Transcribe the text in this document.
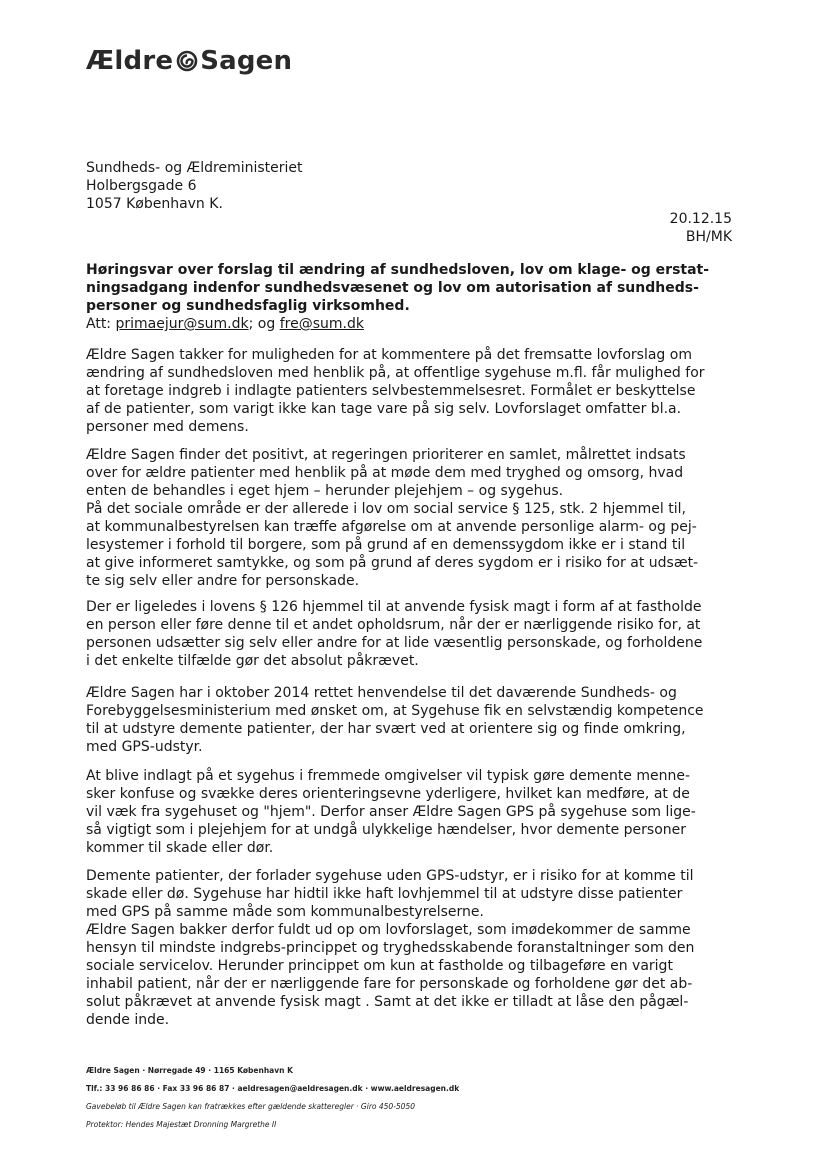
Ældre Sagen
Sundheds- og Ældreministeriet
Holbergsgade 6
1057 København K.
20.12.15
BH/MK
Høringsvar over forslag til ændring af sundhedsloven, lov om klage- og erstat-
ningsadgang indenfor sundhedsvæsenet og lov om autorisation af sundheds-
personer og sundhedsfaglig virksomhed.
Att: primaejur@sum.dk; og fre@sum.dk
Ældre Sagen takker for muligheden for at kommentere på det fremsatte lovforslag om
ændring af sundhedsloven med henblik på, at offentlige sygehuse m.fl. får mulighed for
at foretage indgreb i indlagte patienters selvbestemmelsesret. Formålet er beskyttelse
af de patienter, som varigt ikke kan tage vare på sig selv. Lovforslaget omfatter bl.a.
personer med demens.
Ældre Sagen finder det positivt, at regeringen prioriterer en samlet, målrettet indsats
over for ældre patienter med henblik på at møde dem med tryghed og omsorg, hvad
enten de behandles i eget hjem – herunder plejehjem – og sygehus.
På det sociale område er der allerede i lov om social service § 125, stk. 2 hjemmel til,
at kommunalbestyrelsen kan træffe afgørelse om at anvende personlige alarm- og pej-
lesystemer i forhold til borgere, som på grund af en demenssygdom ikke er i stand til
at give informeret samtykke, og som på grund af deres sygdom er i risiko for at udsæt-
te sig selv eller andre for personskade.
Der er ligeledes i lovens § 126 hjemmel til at anvende fysisk magt i form af at fastholde
en person eller føre denne til et andet opholdsrum, når der er nærliggende risiko for, at
personen udsætter sig selv eller andre for at lide væsentlig personskade, og forholdene
i det enkelte tilfælde gør det absolut påkrævet.
Ældre Sagen har i oktober 2014 rettet henvendelse til det daværende Sundheds- og
Forebyggelsesministerium med ønsket om, at Sygehuse fik en selvstændig kompetence
til at udstyre demente patienter, der har svært ved at orientere sig og finde omkring,
med GPS-udstyr.
At blive indlagt på et sygehus i fremmede omgivelser vil typisk gøre demente menne-
sker konfuse og svække deres orienteringsevne yderligere, hvilket kan medføre, at de
vil væk fra sygehuset og "hjem". Derfor anser Ældre Sagen GPS på sygehuse som lige-
så vigtigt som i plejehjem for at undgå ulykkelige hændelser, hvor demente personer
kommer til skade eller dør.
Demente patienter, der forlader sygehuse uden GPS-udstyr, er i risiko for at komme til
skade eller dø. Sygehuse har hidtil ikke haft lovhjemmel til at udstyre disse patienter
med GPS på samme måde som kommunalbestyrelserne.
Ældre Sagen bakker derfor fuldt ud op om lovforslaget, som imødekommer de samme
hensyn til mindste indgrebs-princippet og tryghedsskabende foranstaltninger som den
sociale servicelov. Herunder princippet om kun at fastholde og tilbageføre en varigt
inhabil patient, når der er nærliggende fare for personskade og forholdene gør det ab-
solut påkrævet at anvende fysisk magt . Samt at det ikke er tilladt at låse den pågæl-
dende inde.
Ældre Sagen · Nørregade 49 · 1165 København K
Tlf.: 33 96 86 86 · Fax 33 96 86 87 · aeldresagen@aeldresagen.dk · www.aeldresagen.dk
Gavebeløb til Ældre Sagen kan fratrækkes efter gældende skatteregler · Giro 450-5050
Protektor: Hendes Majestæt Dronning Margrethe II
